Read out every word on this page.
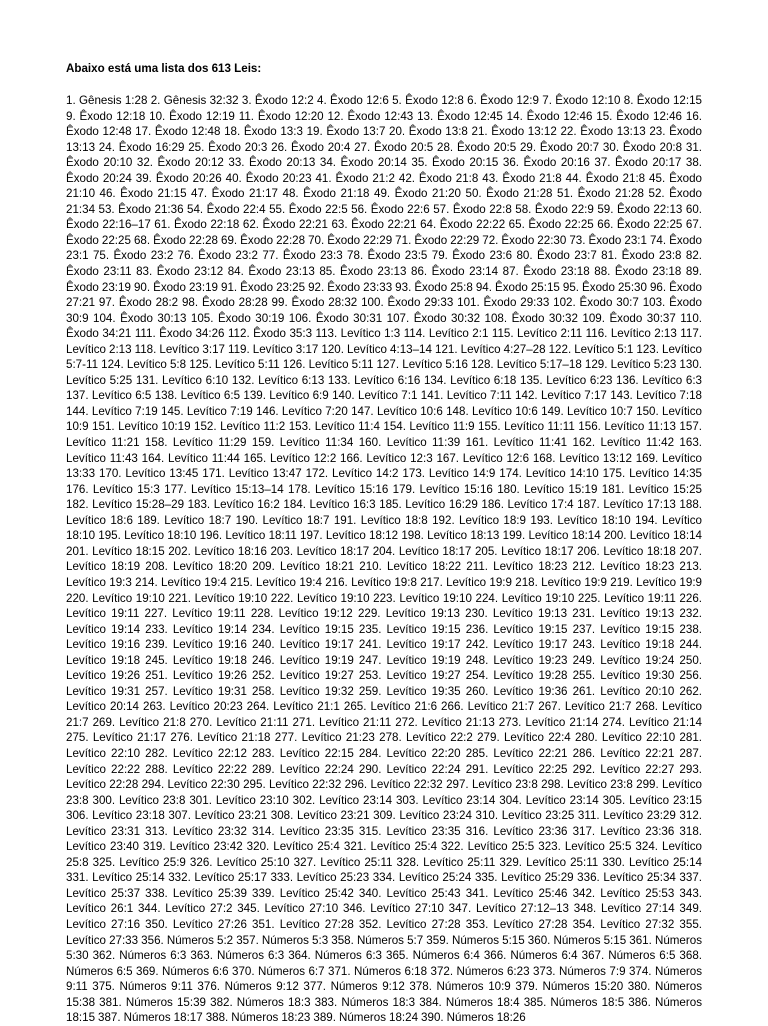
Abaixo está uma lista dos 613 Leis:
1. Gênesis 1:28 2. Gênesis 32:32 3. Êxodo 12:2 4. Êxodo 12:6 5. Êxodo 12:8 6. Êxodo 12:9 7. Êxodo 12:10 8. Êxodo 12:15 9. Êxodo 12:18 10. Êxodo 12:19 11. Êxodo 12:20 12. Êxodo 12:43 13. Êxodo 12:45 14. Êxodo 12:46 15. Êxodo 12:46 16. Êxodo 12:48 17. Êxodo 12:48 18. Êxodo 13:3 19. Êxodo 13:7 20. Êxodo 13:8 21. Êxodo 13:12 22. Êxodo 13:13 23. Êxodo 13:13 24. Êxodo 16:29 25. Êxodo 20:3 26. Êxodo 20:4 27. Êxodo 20:5 28. Êxodo 20:5 29. Êxodo 20:7 30. Êxodo 20:8 31. Êxodo 20:10 32. Êxodo 20:12 33. Êxodo 20:13 34. Êxodo 20:14 35. Êxodo 20:15 36. Êxodo 20:16 37. Êxodo 20:17 38. Êxodo 20:24 39. Êxodo 20:26 40. Êxodo 20:23 41. Êxodo 21:2 42. Êxodo 21:8 43. Êxodo 21:8 44. Êxodo 21:8 45. Êxodo 21:10 46. Êxodo 21:15 47. Êxodo 21:17 48. Êxodo 21:18 49. Êxodo 21:20 50. Êxodo 21:28 51. Êxodo 21:28 52. Êxodo 21:34 53. Êxodo 21:36 54. Êxodo 22:4 55. Êxodo 22:5 56. Êxodo 22:6 57. Êxodo 22:8 58. Êxodo 22:9 59. Êxodo 22:13 60. Êxodo 22:16–17 61. Êxodo 22:18 62. Êxodo 22:21 63. Êxodo 22:21 64. Êxodo 22:22 65. Êxodo 22:25 66. Êxodo 22:25 67. Êxodo 22:25 68. Êxodo 22:28 69. Êxodo 22:28 70. Êxodo 22:29 71. Êxodo 22:29 72. Êxodo 22:30 73. Êxodo 23:1 74. Êxodo 23:1 75. Êxodo 23:2 76. Êxodo 23:2 77. Êxodo 23:3 78. Êxodo 23:5 79. Êxodo 23:6 80. Êxodo 23:7 81. Êxodo 23:8 82. Êxodo 23:11 83. Êxodo 23:12 84. Êxodo 23:13 85. Êxodo 23:13 86. Êxodo 23:14 87. Êxodo 23:18 88. Êxodo 23:18 89. Êxodo 23:19 90. Êxodo 23:19 91. Êxodo 23:25 92. Êxodo 23:33 93. Êxodo 25:8 94. Êxodo 25:15 95. Êxodo 25:30 96. Êxodo 27:21 97. Êxodo 28:2 98. Êxodo 28:28 99. Êxodo 28:32 100. Êxodo 29:33 101. Êxodo 29:33 102. Êxodo 30:7 103. Êxodo 30:9 104. Êxodo 30:13 105. Êxodo 30:19 106. Êxodo 30:31 107. Êxodo 30:32 108. Êxodo 30:32 109. Êxodo 30:37 110. Êxodo 34:21 111. Êxodo 34:26 112. Êxodo 35:3 113. Levítico 1:3 114. Levítico 2:1 115. Levítico 2:11 116. Levítico 2:13 117. Levítico 2:13 118. Levítico 3:17 119. Levítico 3:17 120. Levítico 4:13–14 121. Levítico 4:27–28 122. Levítico 5:1 123. Levítico 5:7-11 124. Levítico 5:8 125. Levítico 5:11 126. Levítico 5:11 127. Levítico 5:16 128. Levítico 5:17–18 129. Levítico 5:23 130. Levítico 5:25 131. Levítico 6:10 132. Levítico 6:13 133. Levítico 6:16 134. Levítico 6:18 135. Levítico 6:23 136. Levítico 6:3 137. Levítico 6:5 138. Levítico 6:5 139. Levítico 6:9 140. Levítico 7:1 141. Levítico 7:11 142. Levítico 7:17 143. Levítico 7:18 144. Levítico 7:19 145. Levítico 7:19 146. Levítico 7:20 147. Levítico 10:6 148. Levítico 10:6 149. Levítico 10:7 150. Levítico 10:9 151. Levítico 10:19 152. Levítico 11:2 153. Levítico 11:4 154. Levítico 11:9 155. Levítico 11:11 156. Levítico 11:13 157. Levítico 11:21 158. Levítico 11:29 159. Levítico 11:34 160. Levítico 11:39 161. Levítico 11:41 162. Levítico 11:42 163. Levítico 11:43 164. Levítico 11:44 165. Levítico 12:2 166. Levítico 12:3 167. Levítico 12:6 168. Levítico 13:12 169. Levítico 13:33 170. Levítico 13:45 171. Levítico 13:47 172. Levítico 14:2 173. Levítico 14:9 174. Levítico 14:10 175. Levítico 14:35 176. Levítico 15:3 177. Levítico 15:13–14 178. Levítico 15:16 179. Levítico 15:16 180. Levítico 15:19 181. Levítico 15:25 182. Levítico 15:28–29 183. Levítico 16:2 184. Levítico 16:3 185. Levítico 16:29 186. Levítico 17:4 187. Levítico 17:13 188. Levítico 18:6 189. Levítico 18:7 190. Levítico 18:7 191. Levítico 18:8 192. Levítico 18:9 193. Levítico 18:10 194. Levítico 18:10 195. Levítico 18:10 196. Levítico 18:11 197. Levítico 18:12 198. Levítico 18:13 199. Levítico 18:14 200. Levítico 18:14 201. Levítico 18:15 202. Levítico 18:16 203. Levítico 18:17 204. Levítico 18:17 205. Levítico 18:17 206. Levítico 18:18 207. Levítico 18:19 208. Levítico 18:20 209. Levítico 18:21 210. Levítico 18:22 211. Levítico 18:23 212. Levítico 18:23 213. Levítico 19:3 214. Levítico 19:4 215. Levítico 19:4 216. Levítico 19:8 217. Levítico 19:9 218. Levítico 19:9 219. Levítico 19:9 220. Levítico 19:10 221. Levítico 19:10 222. Levítico 19:10 223. Levítico 19:10 224. Levítico 19:10 225. Levítico 19:11 226. Levítico 19:11 227. Levítico 19:11 228. Levítico 19:12 229. Levítico 19:13 230. Levítico 19:13 231. Levítico 19:13 232. Levítico 19:14 233. Levítico 19:14 234. Levítico 19:15 235. Levítico 19:15 236. Levítico 19:15 237. Levítico 19:15 238. Levítico 19:16 239. Levítico 19:16 240. Levítico 19:17 241. Levítico 19:17 242. Levítico 19:17 243. Levítico 19:18 244. Levítico 19:18 245. Levítico 19:18 246. Levítico 19:19 247. Levítico 19:19 248. Levítico 19:23 249. Levítico 19:24 250. Levítico 19:26 251. Levítico 19:26 252. Levítico 19:27 253. Levítico 19:27 254. Levítico 19:28 255. Levítico 19:30 256. Levítico 19:31 257. Levítico 19:31 258. Levítico 19:32 259. Levítico 19:35 260. Levítico 19:36 261. Levítico 20:10 262. Levítico 20:14 263. Levítico 20:23 264. Levítico 21:1 265. Levítico 21:6 266. Levítico 21:7 267. Levítico 21:7 268. Levítico 21:7 269. Levítico 21:8 270. Levítico 21:11 271. Levítico 21:11 272. Levítico 21:13 273. Levítico 21:14 274. Levítico 21:14 275. Levítico 21:17 276. Levítico 21:18 277. Levítico 21:23 278. Levítico 22:2 279. Levítico 22:4 280. Levítico 22:10 281. Levítico 22:10 282. Levítico 22:12 283. Levítico 22:15 284. Levítico 22:20 285. Levítico 22:21 286. Levítico 22:21 287. Levítico 22:22 288. Levítico 22:22 289. Levítico 22:24 290. Levítico 22:24 291. Levítico 22:25 292. Levítico 22:27 293. Levítico 22:28 294. Levítico 22:30 295. Levítico 22:32 296. Levítico 22:32 297. Levítico 23:8 298. Levítico 23:8 299. Levítico 23:8 300. Levítico 23:8 301. Levítico 23:10 302. Levítico 23:14 303. Levítico 23:14 304. Levítico 23:14 305. Levítico 23:15 306. Levítico 23:18 307. Levítico 23:21 308. Levítico 23:21 309. Levítico 23:24 310. Levítico 23:25 311. Levítico 23:29 312. Levítico 23:31 313. Levítico 23:32 314. Levítico 23:35 315. Levítico 23:35 316. Levítico 23:36 317. Levítico 23:36 318. Levítico 23:40 319. Levítico 23:42 320. Levítico 25:4 321. Levítico 25:4 322. Levítico 25:5 323. Levítico 25:5 324. Levítico 25:8 325. Levítico 25:9 326. Levítico 25:10 327. Levítico 25:11 328. Levítico 25:11 329. Levítico 25:11 330. Levítico 25:14 331. Levítico 25:14 332. Levítico 25:17 333. Levítico 25:23 334. Levítico 25:24 335. Levítico 25:29 336. Levítico 25:34 337. Levítico 25:37 338. Levítico 25:39 339. Levítico 25:42 340. Levítico 25:43 341. Levítico 25:46 342. Levítico 25:53 343. Levítico 26:1 344. Levítico 27:2 345. Levítico 27:10 346. Levítico 27:10 347. Levítico 27:12–13 348. Levítico 27:14 349. Levítico 27:16 350. Levítico 27:26 351. Levítico 27:28 352. Levítico 27:28 353. Levítico 27:28 354. Levítico 27:32 355. Levítico 27:33 356. Números 5:2 357. Números 5:3 358. Números 5:7 359. Números 5:15 360. Números 5:15 361. Números 5:30 362. Números 6:3 363. Números 6:3 364. Números 6:3 365. Números 6:4 366. Números 6:4 367. Números 6:5 368. Números 6:5 369. Números 6:6 370. Números 6:7 371. Números 6:18 372. Números 6:23 373. Números 7:9 374. Números 9:11 375. Números 9:11 376. Números 9:12 377. Números 9:12 378. Números 10:9 379. Números 15:20 380. Números 15:38 381. Números 15:39 382. Números 18:3 383. Números 18:3 384. Números 18:4 385. Números 18:5 386. Números 18:15 387. Números 18:17 388. Números 18:23 389. Números 18:24 390. Números 18:26
